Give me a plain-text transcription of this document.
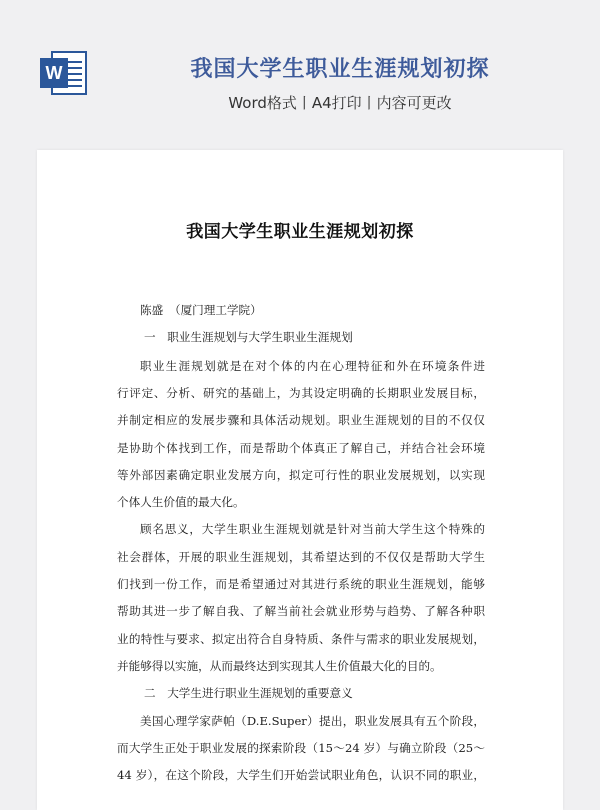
W	我国大学生职业生涯规划初探
Word格式丨A4打印丨内容可更改
我国大学生职业生涯规划初探
陈盛　（厦门理工学院）
一　职业生涯规划与大学生职业生涯规划
职业生涯规划就是在对个体的内在心理特征和外在环境条件进
行评定、分析、研究的基础上，为其设定明确的长期职业发展目标，
并制定相应的发展步骤和具体活动规划。职业生涯规划的目的不仅仅
是协助个体找到工作，而是帮助个体真正了解自己，并结合社会环境
等外部因素确定职业发展方向，拟定可行性的职业发展规划，以实现
个体人生价值的最大化。
顾名思义，大学生职业生涯规划就是针对当前大学生这个特殊的
社会群体，开展的职业生涯规划，其希望达到的不仅仅是帮助大学生
们找到一份工作，而是希望通过对其进行系统的职业生涯规划，能够
帮助其进一步了解自我、了解当前社会就业形势与趋势、了解各种职
业的特性与要求、拟定出符合自身特质、条件与需求的职业发展规划，
并能够得以实施，从而最终达到实现其人生价值最大化的目的。
二　大学生进行职业生涯规划的重要意义
美国心理学家萨帕（D.E.Super）提出，职业发展具有五个阶段，
而大学生正处于职业发展的探索阶段（15～24 岁）与确立阶段（25～
44 岁），在这个阶段，大学生们开始尝试职业角色，认识不同的职业，
